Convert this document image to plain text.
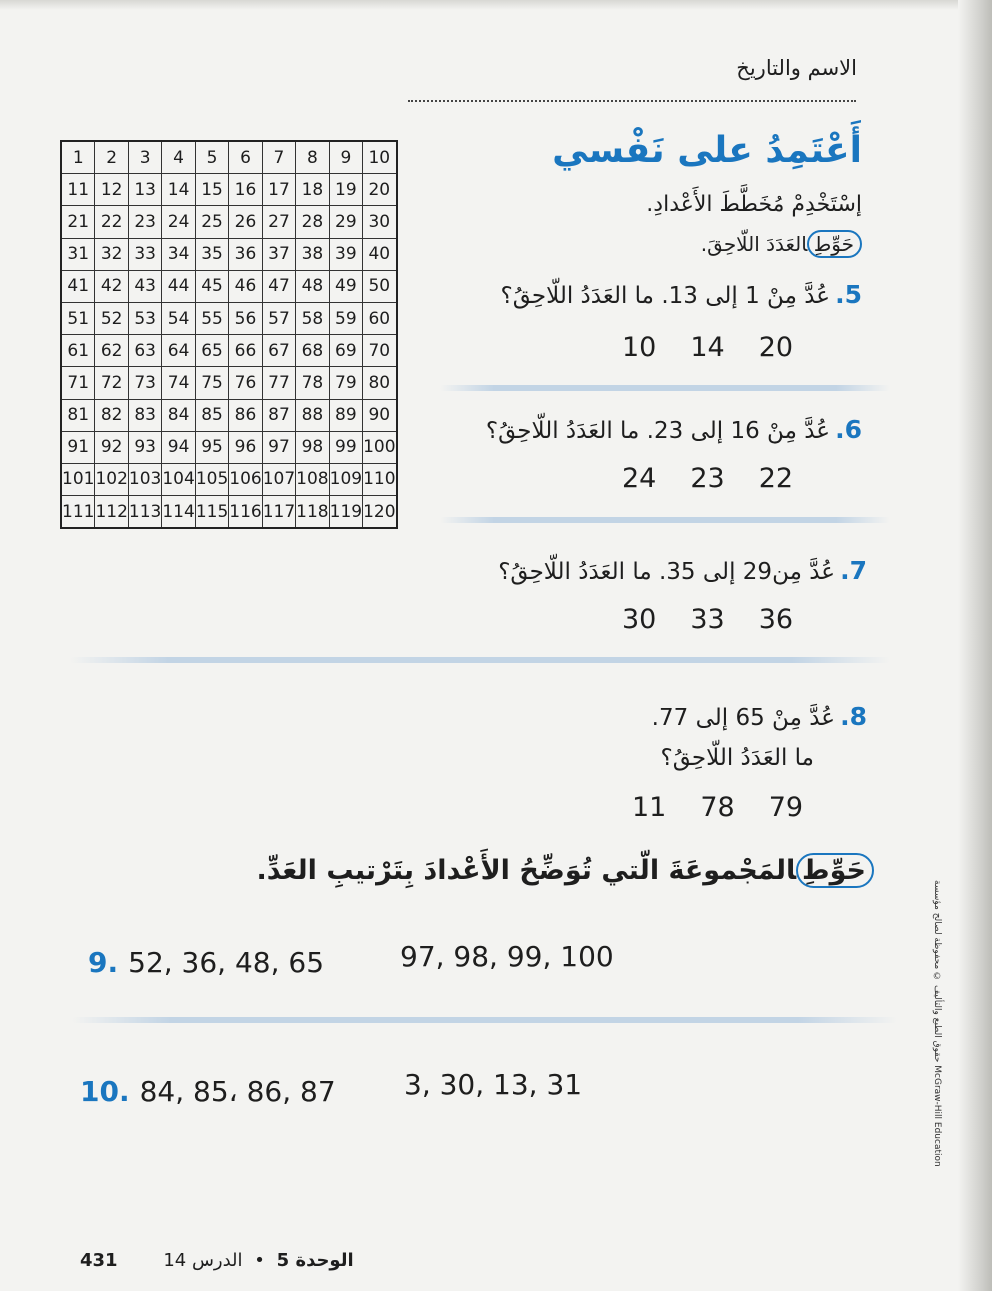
الاسم والتاريخ
أَعْتَمِدُ على نَفْسي
إسْتَخْدِمْ مُخَطَّطَ الأَعْدادِ.
حَوِّطِالعَدَدَ اللّاحِقَ.
1	2	3	4	5	6	7	8	9	10
11	12	13	14	15	16	17	18	19	20
21	22	23	24	25	26	27	28	29	30
31	32	33	34	35	36	37	38	39	40
41	42	43	44	45	46	47	48	49	50
51	52	53	54	55	56	57	58	59	60
61	62	63	64	65	66	67	68	69	70
71	72	73	74	75	76	77	78	79	80
81	82	83	84	85	86	87	88	89	90
91	92	93	94	95	96	97	98	99	100
101	102	103	104	105	106	107	108	109	110
111	112	113	114	115	116	117	118	119	120
5. عُدَّ مِنْ 1 إلى 13. ما العَدَدُ اللّاحِقُ؟
10 14 20
6. عُدَّ مِنْ 16 إلى 23. ما العَدَدُ اللّاحِقُ؟
24 23 22
7. عُدَّ مِن29 إلى 35. ما العَدَدُ اللّاحِقُ؟
30 33 36
8. عُدَّ مِنْ 65 إلى 77.
ما العَدَدُ اللّاحِقُ؟
11 78 79
حَوِّطِالمَجْموعَةَ الّتي تُوَضِّحُ الأَعْدادَ بِتَرْتيبِ العَدِّ.
9. 52, 36, 48, 65	97, 98, 99, 100
10. 84, 85، 86, 87 3, 30, 13, 31
431	الدرس 14 • الوحدة 5
حقوق الطبع والتأليف © محفوظة لصالح مؤسسة McGraw-Hill Education
